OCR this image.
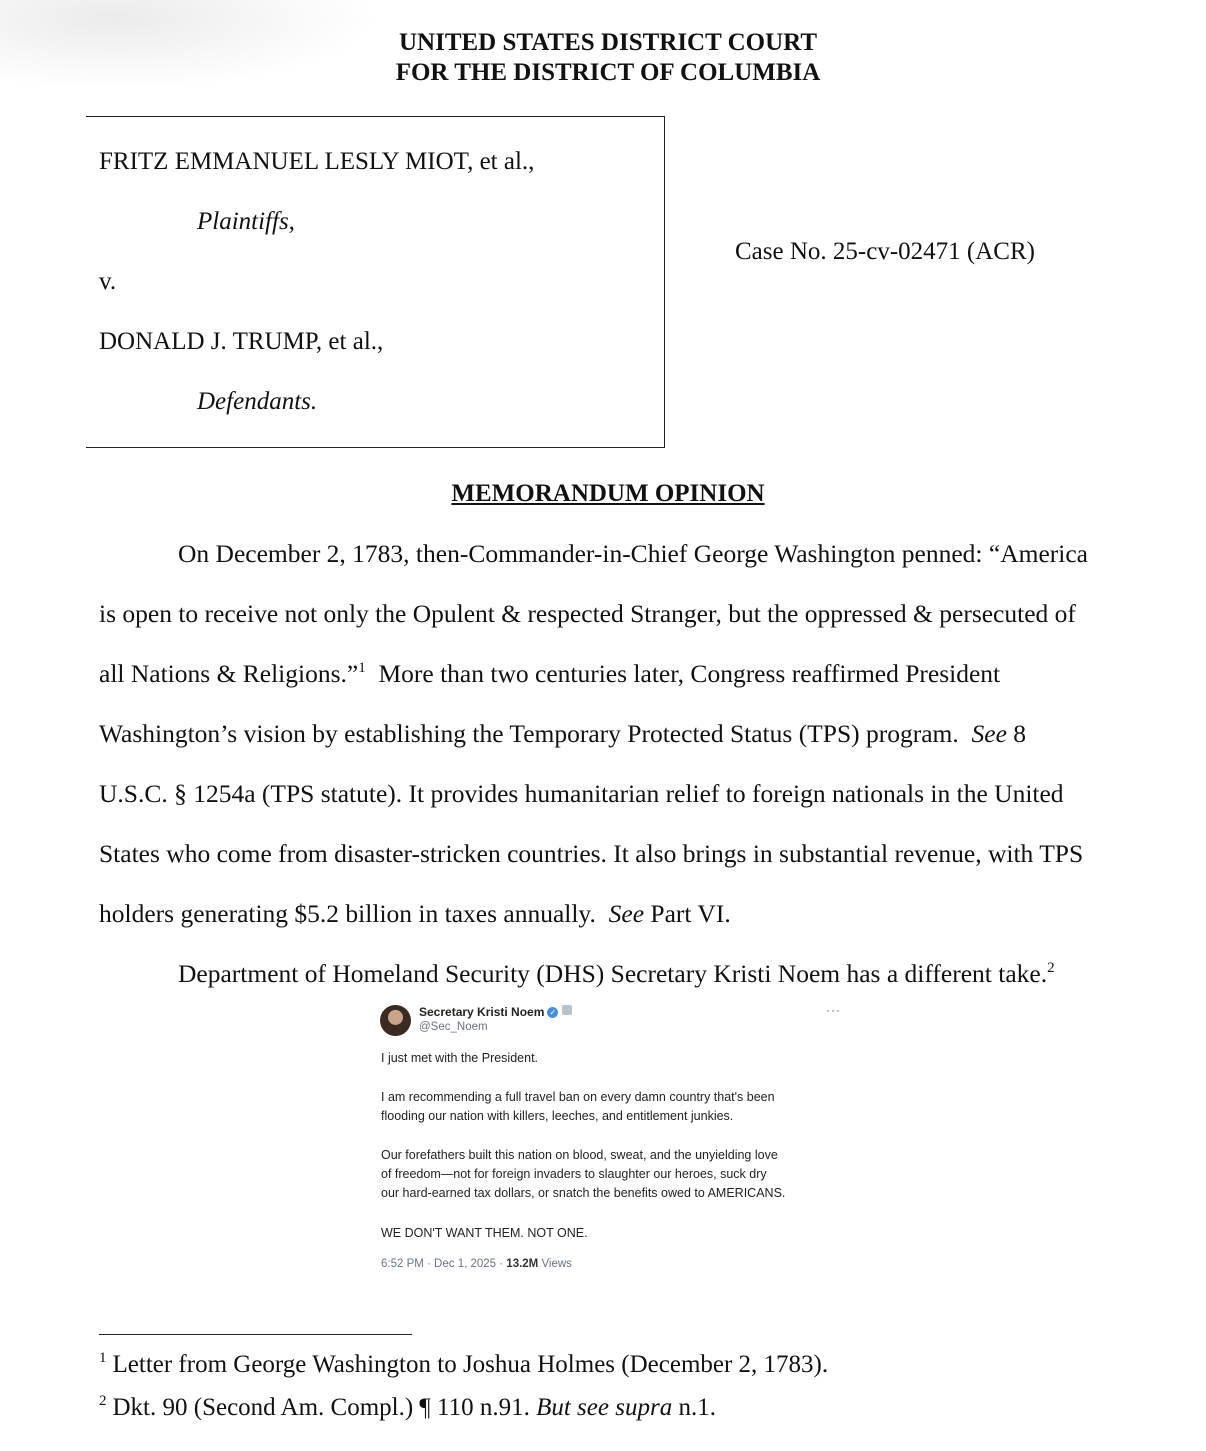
UNITED STATES DISTRICT COURT
FOR THE DISTRICT OF COLUMBIA
FRITZ EMMANUEL LESLY MIOT, et al.,
Plaintiffs,
v.
DONALD J. TRUMP, et al.,
Defendants.
Case No. 25-cv-02471 (ACR)
MEMORANDUM OPINION
On December 2, 1783, then-Commander-in-Chief George Washington penned: “America
is open to receive not only the Opulent & respected Stranger, but the oppressed & persecuted of
all Nations & Religions.”$^1$ More than two centuries later, Congress reaffirmed President
Washington’s vision by establishing the Temporary Protected Status (TPS) program. See 8
U.S.C. § 1254a (TPS statute). It provides humanitarian relief to foreign nationals in the United
States who come from disaster-stricken countries. It also brings in substantial revenue, with TPS
holders generating $5.2 billion in taxes annually. See Part VI.
Department of Homeland Security (DHS) Secretary Kristi Noem has a different take.$^2$
Secretary Kristi Noem ✓
@Sec_Noem
···
I just met with the President.
I am recommending a full travel ban on every damn country that's been
flooding our nation with killers, leeches, and entitlement junkies.
Our forefathers built this nation on blood, sweat, and the unyielding love
of freedom—not for foreign invaders to slaughter our heroes, suck dry
our hard-earned tax dollars, or snatch the benefits owed to AMERICANS.
WE DON'T WANT THEM. NOT ONE.
6:52 PM · Dec 1, 2025 · 13.2M Views
$^1$ Letter from George Washington to Joshua Holmes (December 2, 1783).
$^2$ Dkt. 90 (Second Am. Compl.) ¶ 110 n.91. But see supra n.1.
